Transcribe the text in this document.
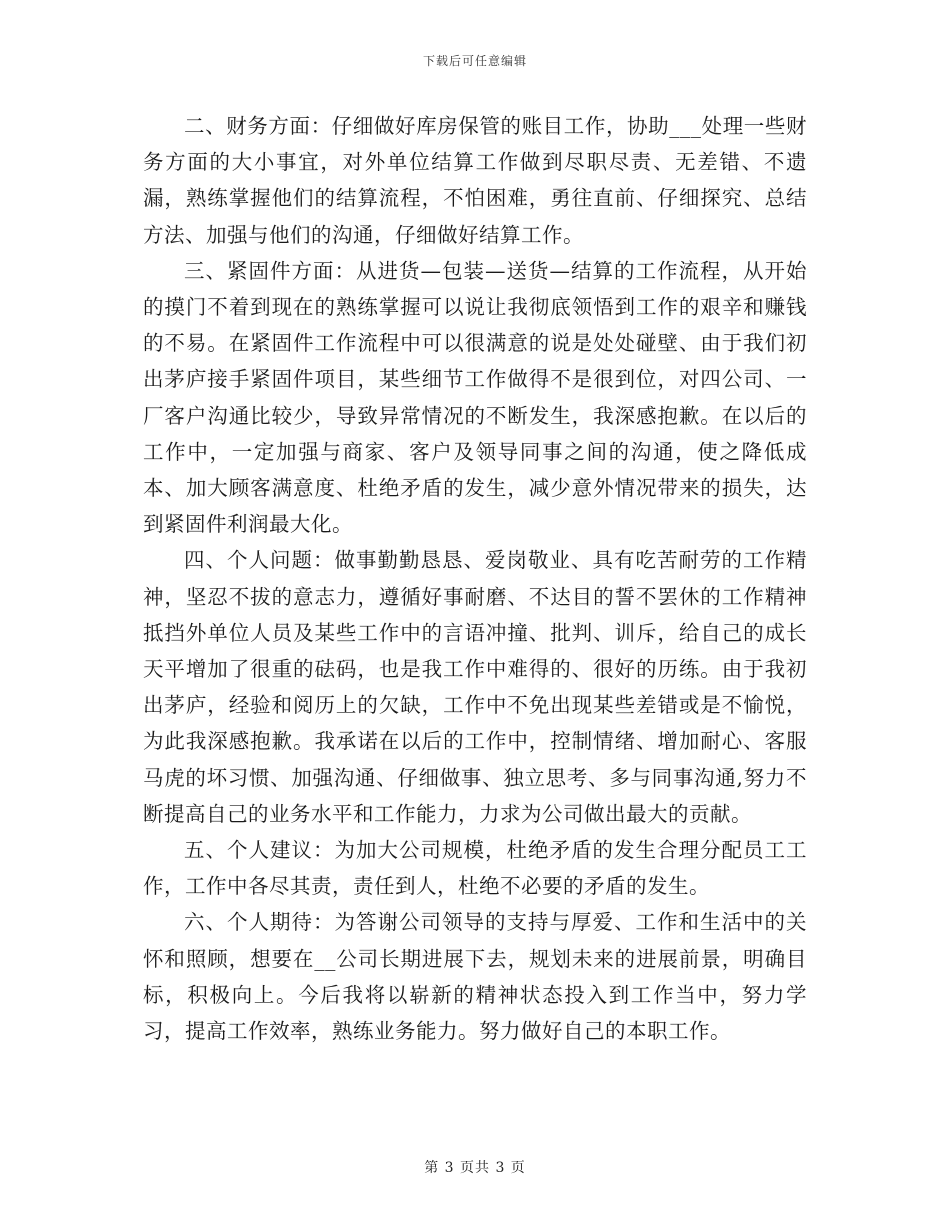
下载后可任意编辑

二、财务方面：仔细做好库房保管的账目工作，协助___处理一些财务方面的大小事宜，对外单位结算工作做到尽职尽责、无差错、不遗漏，熟练掌握他们的结算流程，不怕困难，勇往直前、仔细探究、总结方法、加强与他们的沟通，仔细做好结算工作。

三、紧固件方面：从进货—包装—送货—结算的工作流程，从开始的摸门不着到现在的熟练掌握可以说让我彻底领悟到工作的艰辛和赚钱的不易。在紧固件工作流程中可以很满意的说是处处碰壁、由于我们初出茅庐接手紧固件项目，某些细节工作做得不是很到位，对四公司、一厂客户沟通比较少，导致异常情况的不断发生，我深感抱歉。在以后的工作中，一定加强与商家、客户及领导同事之间的沟通，使之降低成本、加大顾客满意度、杜绝矛盾的发生，减少意外情况带来的损失，达到紧固件利润最大化。

四、个人问题：做事勤勤恳恳、爱岗敬业、具有吃苦耐劳的工作精神，坚忍不拔的意志力，遵循好事耐磨、不达目的誓不罢休的工作精神抵挡外单位人员及某些工作中的言语冲撞、批判、训斥，给自己的成长天平增加了很重的砝码，也是我工作中难得的、很好的历练。由于我初出茅庐，经验和阅历上的欠缺，工作中不免出现某些差错或是不愉悦，为此我深感抱歉。我承诺在以后的工作中，控制情绪、增加耐心、客服马虎的坏习惯、加强沟通、仔细做事、独立思考、多与同事沟通,努力不断提高自己的业务水平和工作能力，力求为公司做出最大的贡献。

五、个人建议：为加大公司规模，杜绝矛盾的发生合理分配员工工作，工作中各尽其责，责任到人，杜绝不必要的矛盾的发生。

六、个人期待：为答谢公司领导的支持与厚爱、工作和生活中的关怀和照顾，想要在__公司长期进展下去，规划未来的进展前景，明确目标，积极向上。今后我将以崭新的精神状态投入到工作当中，努力学习，提高工作效率，熟练业务能力。努力做好自己的本职工作。

第 3 页共 3 页
